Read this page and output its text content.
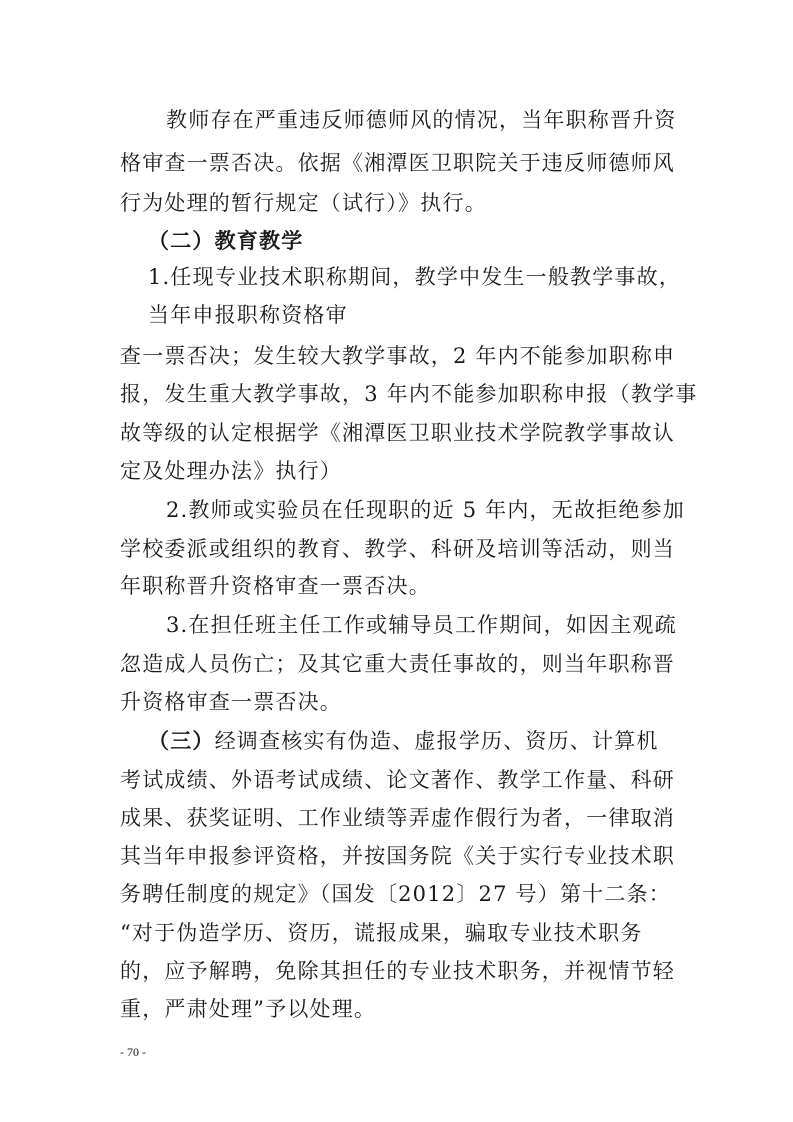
教师存在严重违反师德师风的情况，当年职称晋升资
格审查一票否决。依据《湘潭医卫职院关于违反师德师风
行为处理的暂行规定（试行）》执行。
（二）教育教学
1.任现专业技术职称期间，教学中发生一般教学事故，
当年申报职称资格审
查一票否决；发生较大教学事故，2 年内不能参加职称申
报，发生重大教学事故，3 年内不能参加职称申报（教学事
故等级的认定根据学《湘潭医卫职业技术学院教学事故认
定及处理办法》执行）
2.教师或实验员在任现职的近 5 年内，无故拒绝参加
学校委派或组织的教育、教学、科研及培训等活动，则当
年职称晋升资格审查一票否决。
3.在担任班主任工作或辅导员工作期间，如因主观疏
忽造成人员伤亡；及其它重大责任事故的，则当年职称晋
升资格审查一票否决。
（三）经调查核实有伪造、虚报学历、资历、计算机
考试成绩、外语考试成绩、论文著作、教学工作量、科研
成果、获奖证明、工作业绩等弄虚作假行为者，一律取消
其当年申报参评资格，并按国务院《关于实行专业技术职
务聘任制度的规定》（国发〔2012〕27 号）第十二条：
“对于伪造学历、资历，谎报成果，骗取专业技术职务
的，应予解聘，免除其担任的专业技术职务，并视情节轻
重，严肃处理”予以处理。
- 70 -
